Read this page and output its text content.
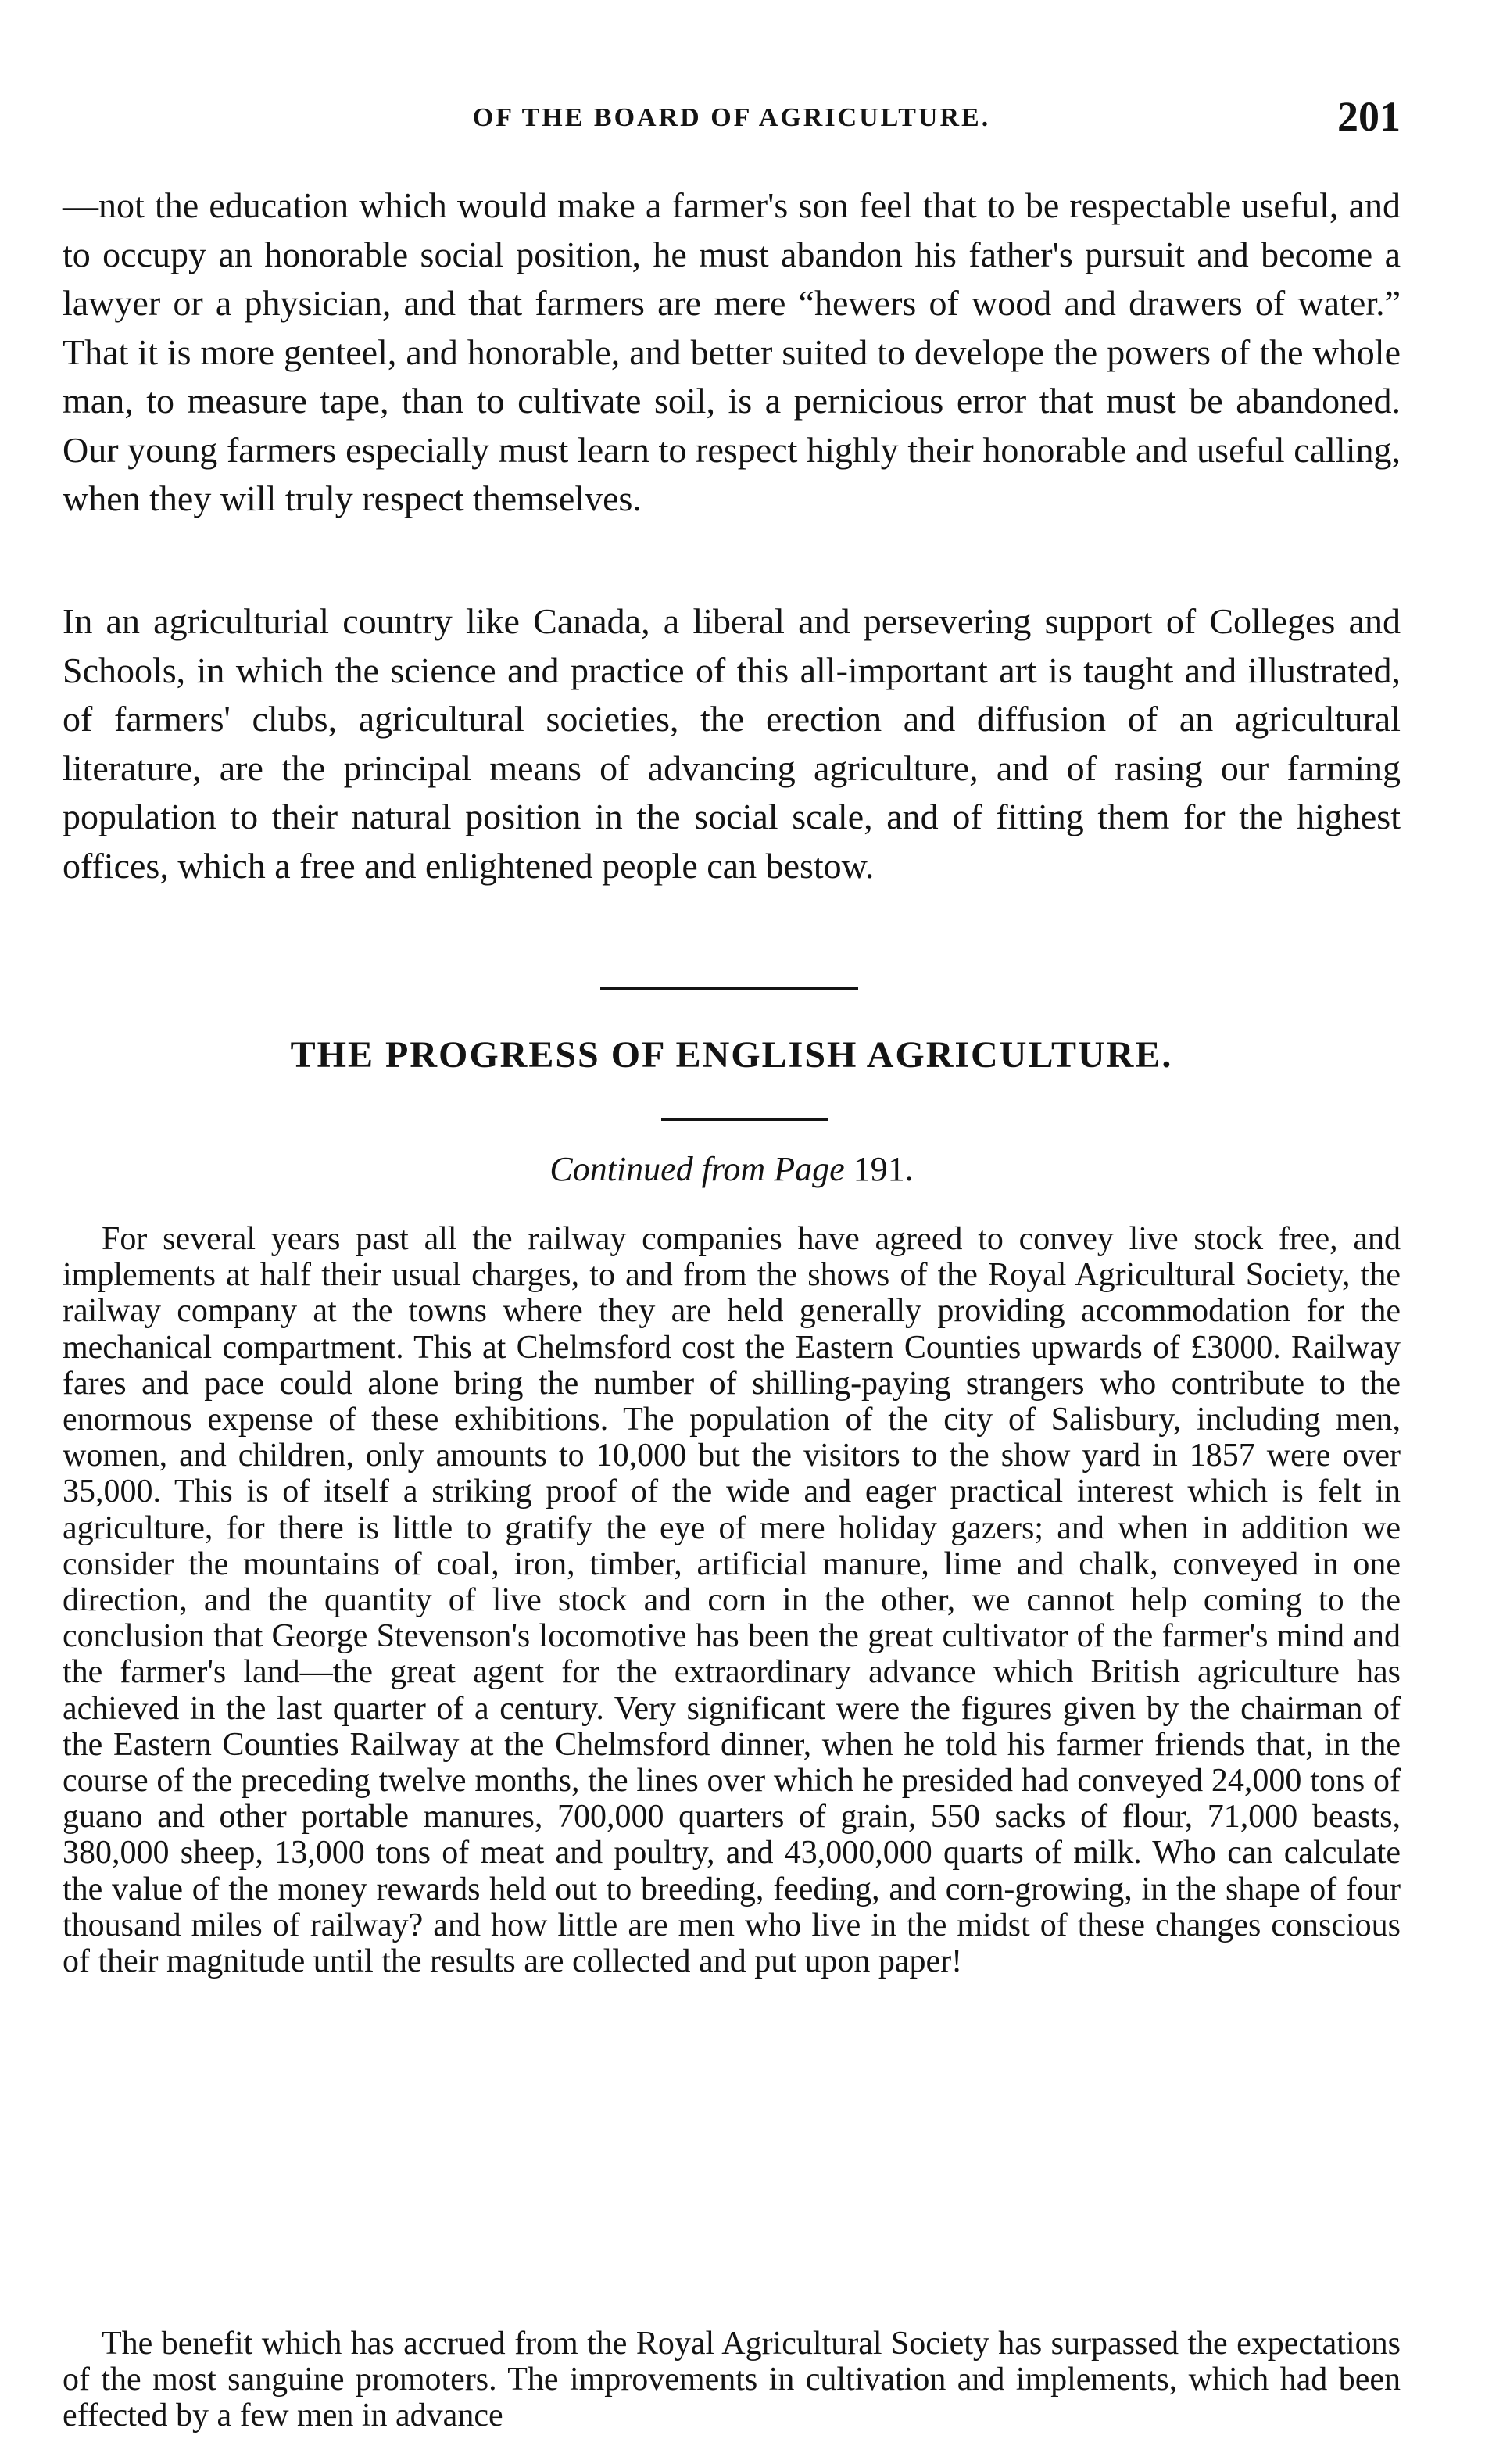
OF THE BOARD OF AGRICULTURE.	201

—not the education which would make a farmer's son feel that to be respectable useful, and to occupy an honorable social position, he must abandon his father's pursuit and become a lawyer or a physician, and that farmers are mere “hewers of wood and drawers of water.” That it is more genteel, and honorable, and better suited to develope the powers of the whole man, to measure tape, than to cultivate soil, is a pernicious error that must be abandoned. Our young farmers especially must learn to respect highly their honorable and useful calling, when they will truly respect themselves.

In an agriculturial country like Canada, a liberal and persevering support of Colleges and Schools, in which the science and practice of this all-important art is taught and illustrated, of farmers' clubs, agricultural societies, the erection and diffusion of an agricultural literature, are the principal means of advancing agriculture, and of rasing our farming population to their natural position in the social scale, and of fitting them for the highest offices, which a free and enlightened people can bestow.

THE PROGRESS OF ENGLISH AGRICULTURE.

Continued from Page 191.

For several years past all the railway companies have agreed to convey live stock free, and implements at half their usual charges, to and from the shows of the Royal Agricultural Society, the railway company at the towns where they are held generally providing accommodation for the mechanical compartment. This at Chelmsford cost the Eastern Counties upwards of £3000. Railway fares and pace could alone bring the number of shilling-paying strangers who contribute to the enormous expense of these exhibitions. The population of the city of Salisbury, including men, women, and children, only amounts to 10,000 but the visitors to the show yard in 1857 were over 35,000. This is of itself a striking proof of the wide and eager practical interest which is felt in agriculture, for there is little to gratify the eye of mere holiday gazers; and when in addition we consider the mountains of coal, iron, timber, artificial manure, lime and chalk, conveyed in one direction, and the quantity of live stock and corn in the other, we cannot help coming to the conclusion that George Stevenson's locomotive has been the great cultivator of the farmer's mind and the farmer's land—the great agent for the extraordinary advance which British agriculture has achieved in the last quarter of a century. Very significant were the figures given by the chairman of the Eastern Counties Railway at the Chelmsford dinner, when he told his farmer friends that, in the course of the preceding twelve months, the lines over which he presided had conveyed 24,000 tons of guano and other portable manures, 700,000 quarters of grain, 550 sacks of flour, 71,000 beasts, 380,000 sheep, 13,000 tons of meat and poultry, and 43,000,000 quarts of milk. Who can calculate the value of the money rewards held out to breeding, feeding, and corn-growing, in the shape of four thousand miles of railway? and how little are men who live in the midst of these changes conscious of their magnitude until the results are collected and put upon paper!

The benefit which has accrued from the Royal Agricultural Society has surpassed the expectations of the most sanguine promoters. The improvements in cultivation and implements, which had been effected by a few men in advance
